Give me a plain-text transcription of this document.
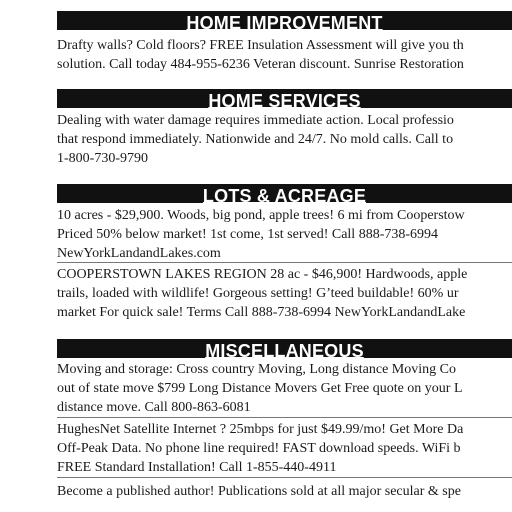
HOME IMPROVEMENT
Drafty walls? Cold floors? FREE Insulation Assessment will give you th
solution. Call today 484-955-6236 Veteran discount. Sunrise Restoration
HOME SERVICES
Dealing with water damage requires immediate action. Local professio
that respond immediately. Nationwide and 24/7. No mold calls. Call to
1-800-730-9790
LOTS & ACREAGE
10 acres - $29,900. Woods, big pond, apple trees! 6 mi from Cooperstow
Priced 50% below market! 1st come, 1st served! Call 888-738-6994
NewYorkLandandLakes.com
COOPERSTOWN LAKES REGION 28 ac - $46,900! Hardwoods, apple
trails, loaded with wildlife! Gorgeous setting! G’teed buildable! 60% ur
market For quick sale! Terms Call 888-738-6994 NewYorkLandandLake
MISCELLANEOUS
Moving and storage: Cross country Moving, Long distance Moving Co
out of state move $799 Long Distance Movers Get Free quote on your L
distance move. Call 800-863-6081
HughesNet Satellite Internet ? 25mbps for just $49.99/mo! Get More Da
Off-Peak Data. No phone line required! FAST download speeds. WiFi b
FREE Standard Installation! Call 1-855-440-4911
Become a published author! Publications sold at all major secular & spe
